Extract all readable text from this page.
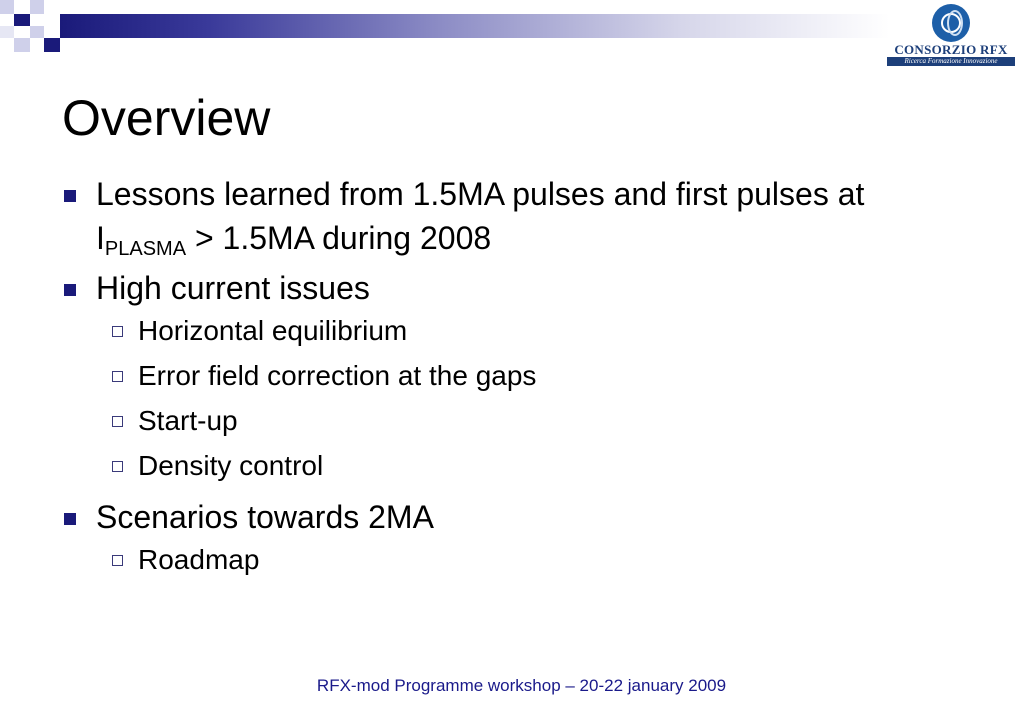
CONSORZIO RFX
Ricerca Formazione Innovazione
Overview
Lessons learned from 1.5MA pulses and first pulses at $I_{PLASMA} > 1.5MA$ during 2008
High current issues
Horizontal equilibrium
Error field correction at the gaps
Start-up
Density control
Scenarios towards 2MA
Roadmap
RFX-mod Programme workshop – 20-22 january 2009
